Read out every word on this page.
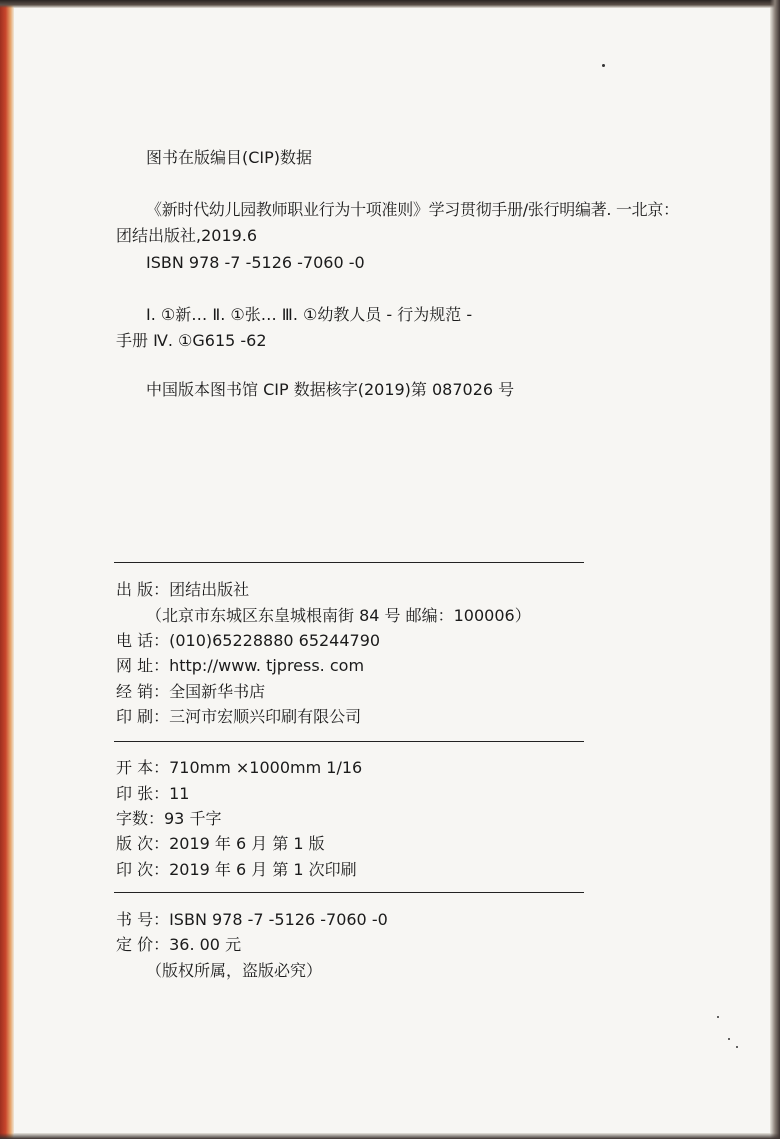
图书在版编目(CIP)数据
《新时代幼儿园教师职业行为十项准则》学习贯彻手册/张行明编著. 一北京：
团结出版社,2019.6
ISBN 978 -7 -5126 -7060 -0
Ⅰ. ①新… Ⅱ. ①张… Ⅲ. ①幼教人员 - 行为规范 -
手册 Ⅳ. ①G615 -62
中国版本图书馆 CIP 数据核字(2019)第 087026 号
出 版：团结出版社
（北京市东城区东皇城根南街 84 号 邮编：100006）
电 话：(010)65228880 65244790
网 址：http://www. tjpress. com
经 销：全国新华书店
印 刷：三河市宏顺兴印刷有限公司
开 本：710mm ×1000mm 1/16
印 张：11
字数：93 千字
版 次：2019 年 6 月 第 1 版
印 次：2019 年 6 月 第 1 次印刷
书 号：ISBN 978 -7 -5126 -7060 -0
定 价：36. 00 元
（版权所属，盗版必究）
